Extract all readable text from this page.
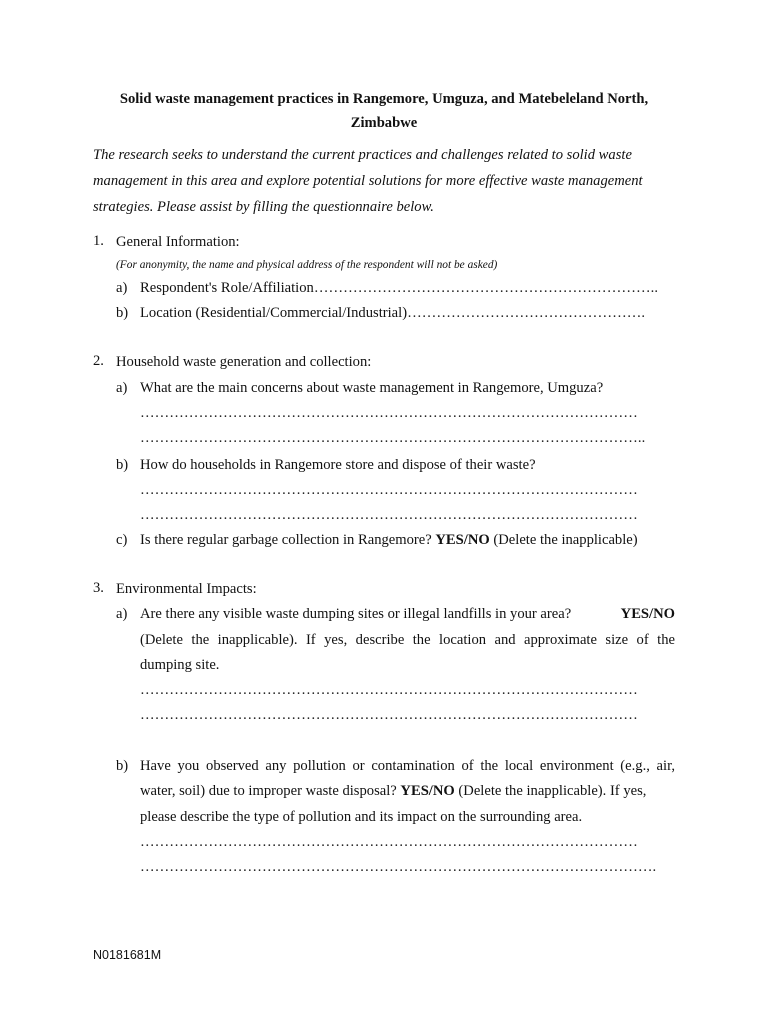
Solid waste management practices in Rangemore, Umguza, and Matebeleland North,
Zimbabwe
The research seeks to understand the current practices and challenges related to solid waste
management in this area and explore potential solutions for more effective waste management
strategies. Please assist by filling the questionnaire below.
1. General Information:
(For anonymity, the name and physical address of the respondent will not be asked)
a) Respondent's Role/Affiliation……………………………………………………………..
b) Location (Residential/Commercial/Industrial)………………………………………….
2. Household waste generation and collection:
a) What are the main concerns about waste management in Rangemore, Umguza?
…………………………………………………………………………………………
…………………………………………………………………………………………..
b) How do households in Rangemore store and dispose of their waste?
…………………………………………………………………………………………
…………………………………………………………………………………………
c) Is there regular garbage collection in Rangemore? YES/NO (Delete the inapplicable)
3. Environmental Impacts:
a) Are there any visible waste dumping sites or illegal landfills in your area?	YES/NO
(Delete the inapplicable). If yes, describe the location and approximate size of the
dumping site.
…………………………………………………………………………………………
…………………………………………………………………………………………
b) Have you observed any pollution or contamination of the local environment (e.g., air,
water, soil) due to improper waste disposal? YES/NO (Delete the inapplicable). If yes,
please describe the type of pollution and its impact on the surrounding area.
…………………………………………………………………………………………
…………………………………………………………………………………………….
N0181681M
